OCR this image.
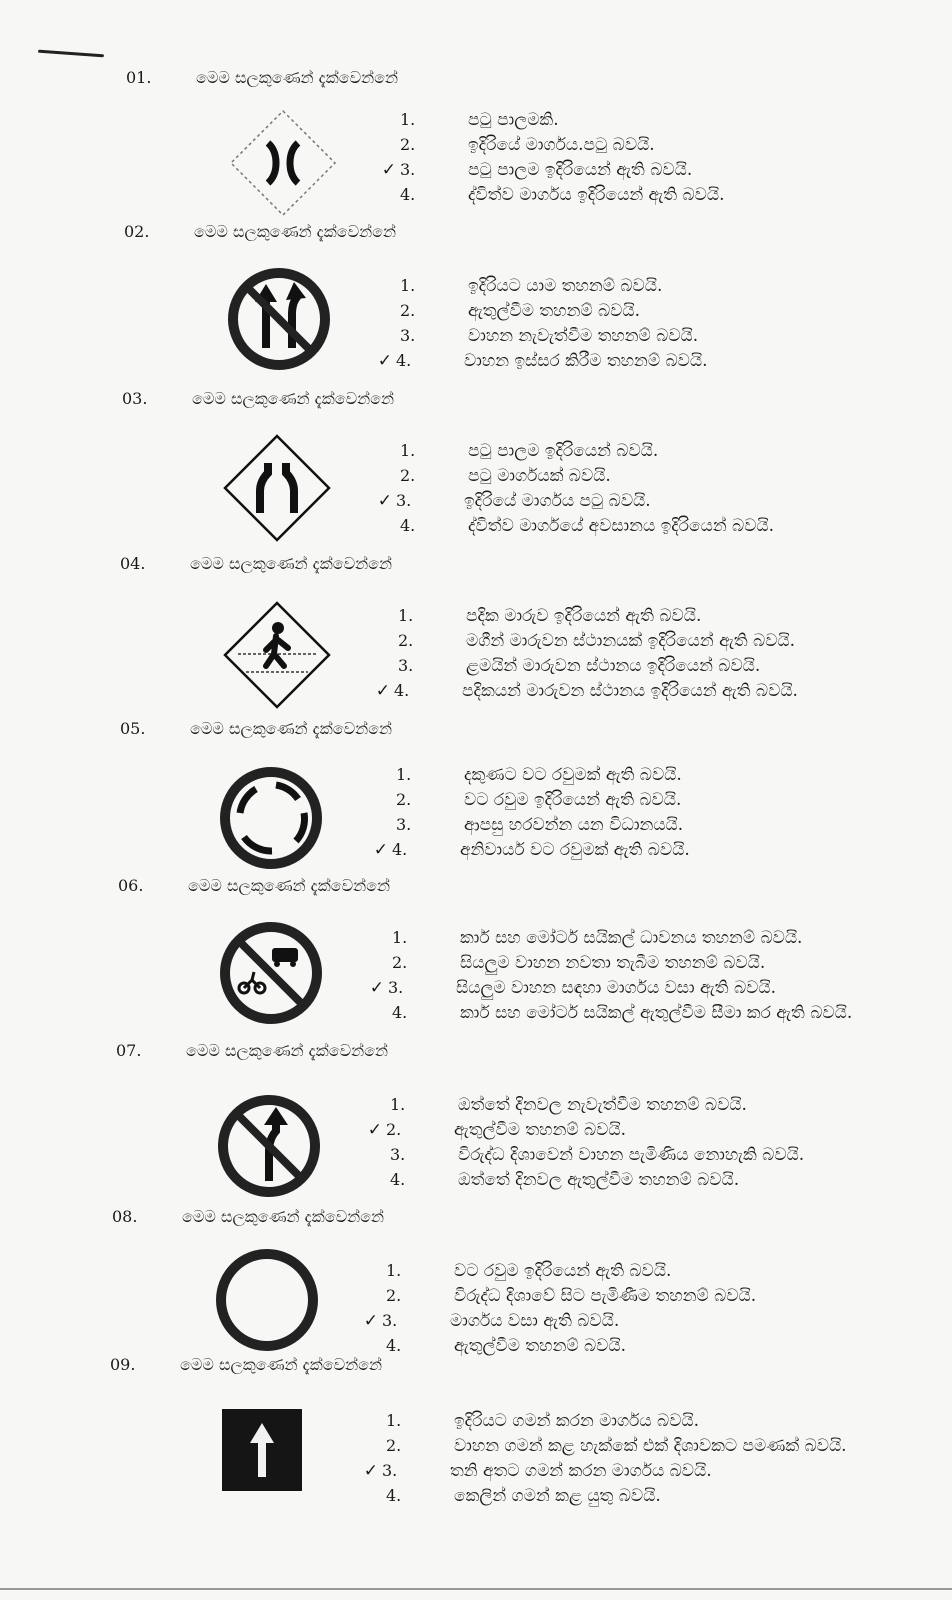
01.	මෙම සලකුණෙන් දැක්වෙන්නේ
1.	පටු පාලමකි.
2.	ඉදිරියේ මාර්ගය.පටු බවයි.
✓ 3.	පටු පාලම ඉදිරියෙන් ඇති බවයි.
4.	ද්විත්ව මාර්ගය ඉදිරියෙන් ඇති බවයි.
02.	මෙම සලකුණෙන් දැක්වෙන්නේ
1.	ඉදිරියට යාම තහනම් බවයි.
2.	ඇතුල්වීම තහනම් බවයි.
3.	වාහන නැවැත්වීම තහනම් බවයි.
✓ 4.	වාහන ඉස්සර කිරීම තහනම් බවයි.
03.	මෙම සලකුණෙන් දැක්වෙන්නේ
1.	පටු පාලම ඉදිරියෙන් බවයි.
2.	පටු මාර්ගයක් බවයි.
✓ 3.	ඉදිරියේ මාර්ගය පටු බවයි.
4.	ද්විත්ව මාර්ගයේ අවසානය ඉදිරියෙන් බවයි.
04.	මෙම සලකුණෙන් දැක්වෙන්නේ
1.	පදික මාරුව ඉදිරියෙන් ඇති බවයි.
2.	මගීන් මාරුවන ස්ථානයක් ඉදිරියෙන් ඇති බවයි.
3.	ළමයින් මාරුවන ස්ථානය ඉදිරියෙන් බවයි.
✓ 4.	පදිකයන් මාරුවන ස්ථානය ඉදිරියෙන් ඇති බවයි.
05.	මෙම සලකුණෙන් දැක්වෙන්නේ
1.	දකුණට වට රවුමක් ඇති බවයි.
2.	වට රවුම ඉදිරියෙන් ඇති බවයි.
3.	ආපසු හරවන්න යන විධානයයි.
✓ 4.	අනිවාර්ය වට රවුමක් ඇති බවයි.
06.	මෙම සලකුණෙන් දැක්වෙන්නේ
1.	කාර් සහ මෝටර් සයිකල් ධාවනය තහනම් බවයි.
2.	සියලුම වාහන නවතා තැබීම තහනම් බවයි.
✓ 3.	සියලුම වාහන සඳහා මාර්ගය වසා ඇති බවයි.
4.	කාර් සහ මෝටර් සයිකල් ඇතුල්වීම සීමා කර ඇති බවයි.
07.	මෙම සලකුණෙන් දැක්වෙන්නේ
1.	ඔත්තේ දිනවල නැවැත්වීම තහනම් බවයි.
✓ 2.	ඇතුල්වීම තහනම් බවයි.
3.	විරුද්ධ දිශාවෙන් වාහන පැමිණිය නොහැකි බවයි.
4.	ඔත්තේ දිනවල ඇතුල්වීම තහනම් බවයි.
08.	මෙම සලකුණෙන් දැක්වෙන්නේ
1.	වට රවුම ඉදිරියෙන් ඇති බවයි.
2.	විරුද්ධ දිශාවේ සිට පැමිණීම තහනම් බවයි.
✓ 3.	මාර්ගය වසා ඇති බවයි.
4.	ඇතුල්වීම තහනම් බවයි.
09.	මෙම සලකුණෙන් දැක්වෙන්නේ
1.	ඉදිරියට ගමන් කරන මාර්ගය බවයි.
2.	වාහන ගමන් කළ හැක්කේ එක් දිශාවකට පමණක් බවයි.
✓ 3.	තනි අතට ගමන් කරන මාර්ගය බවයි.
4.	කෙලින් ගමන් කළ යුතු බවයි.
